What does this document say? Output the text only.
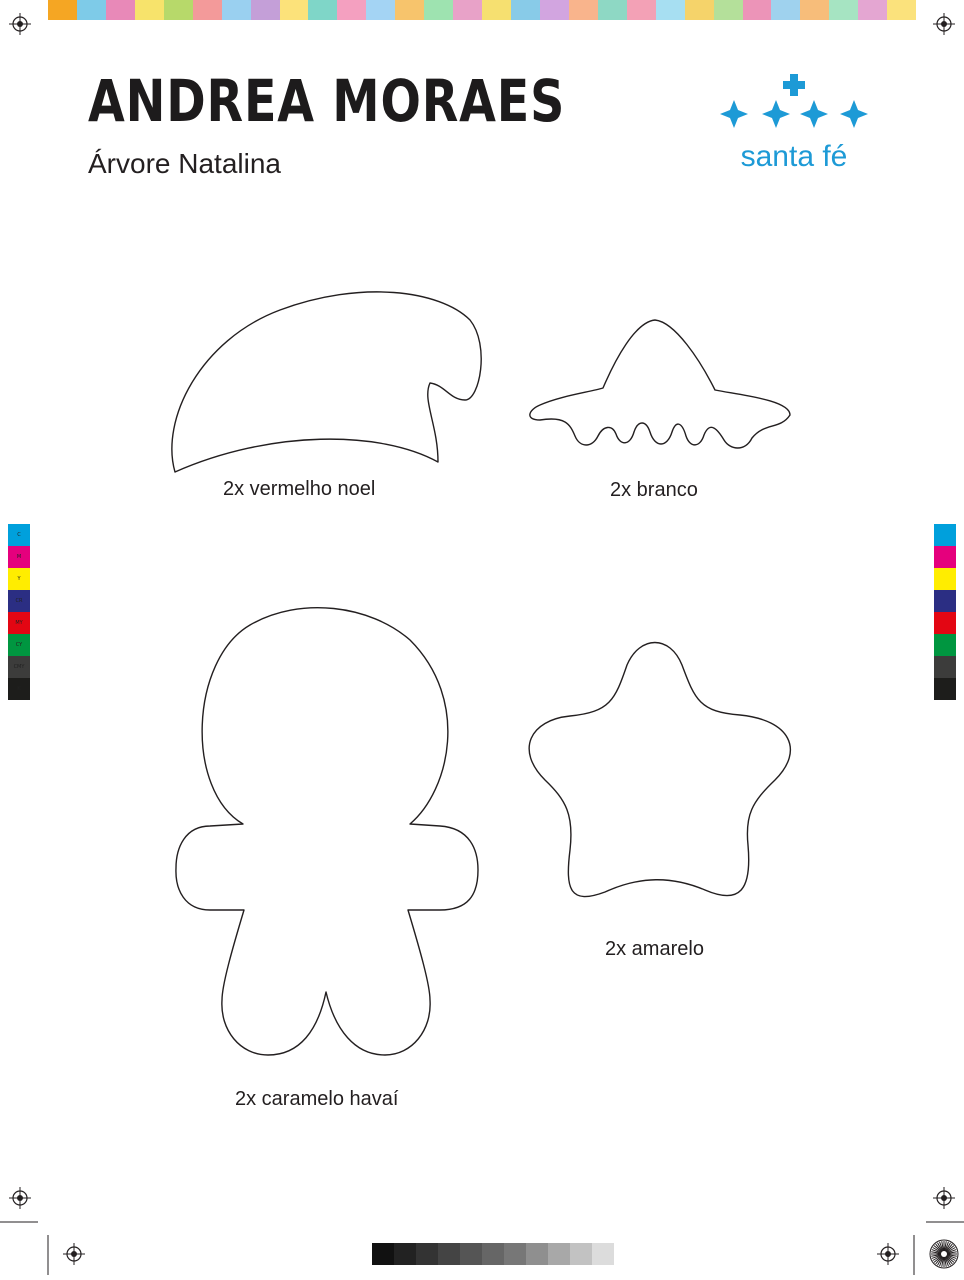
ANDREA MORAES
Árvore Natalina	santa fé
2x vermelho noel	2x branco
2x caramelo havaí
2x amarelo
C
M
Y
CR
MY
CY
CMY
K
